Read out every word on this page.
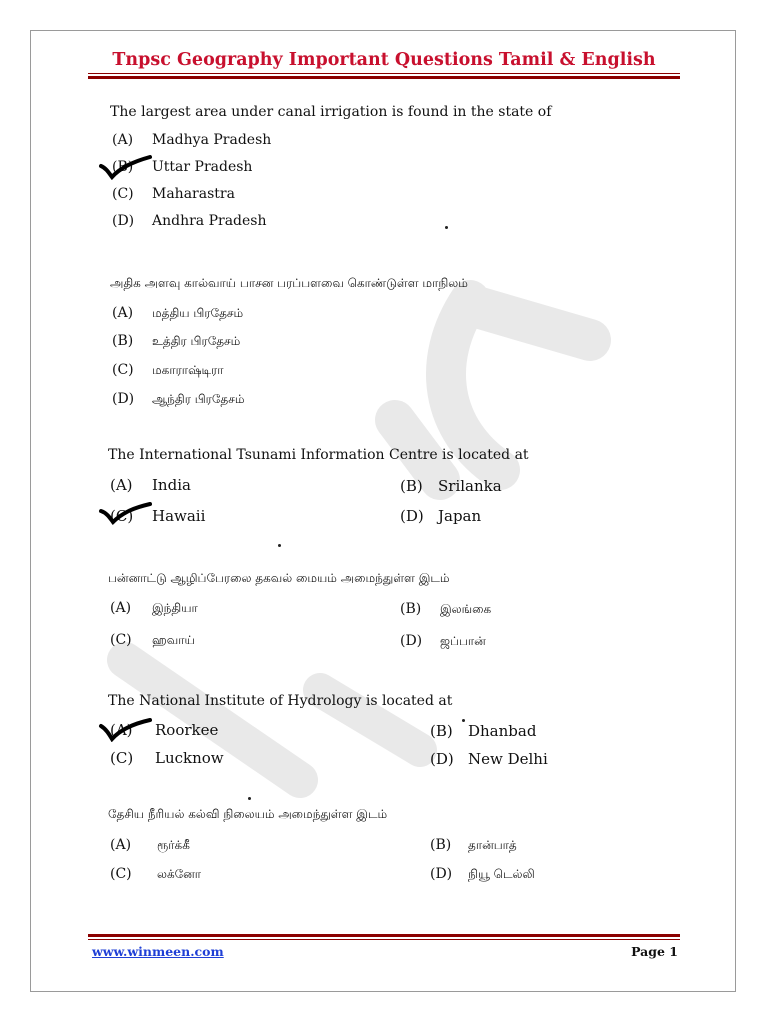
Tnpsc Geography Important Questions Tamil & English
The largest area under canal irrigation is found in the state of
(A) Madhya Pradesh
(B) Uttar Pradesh
(C) Maharastra
(D) Andhra Pradesh
அதிக அளவு கால்வாய் பாசன பரப்பளவை கொண்டுள்ள மாநிலம்
(A) மத்திய பிரதேசம்
(B) உத்திர பிரதேசம்
(C) மகாராஷ்டிரா
(D) ஆந்திர பிரதேசம்
The International Tsunami Information Centre is located at
(A) India	(B) Srilanka
(C) Hawaii	(D) Japan
பன்னாட்டு ஆழிப்பேரலை தகவல் மையம் அமைந்துள்ள இடம்
(A) இந்தியா	(B) இலங்கை
(C) ஹவாய்	(D) ஜப்பான்
The National Institute of Hydrology is located at
(A) Roorkee	(B) Dhanbad
(C) Lucknow	(D) New Delhi
தேசிய நீரியல் கல்வி நிலையம் அமைந்துள்ள இடம்
(A) ரூர்க்கீ	(B) தான்பாத்
(C) லக்னோ	(D) நியூ டெல்லி
www.winmeen.com	Page 1
